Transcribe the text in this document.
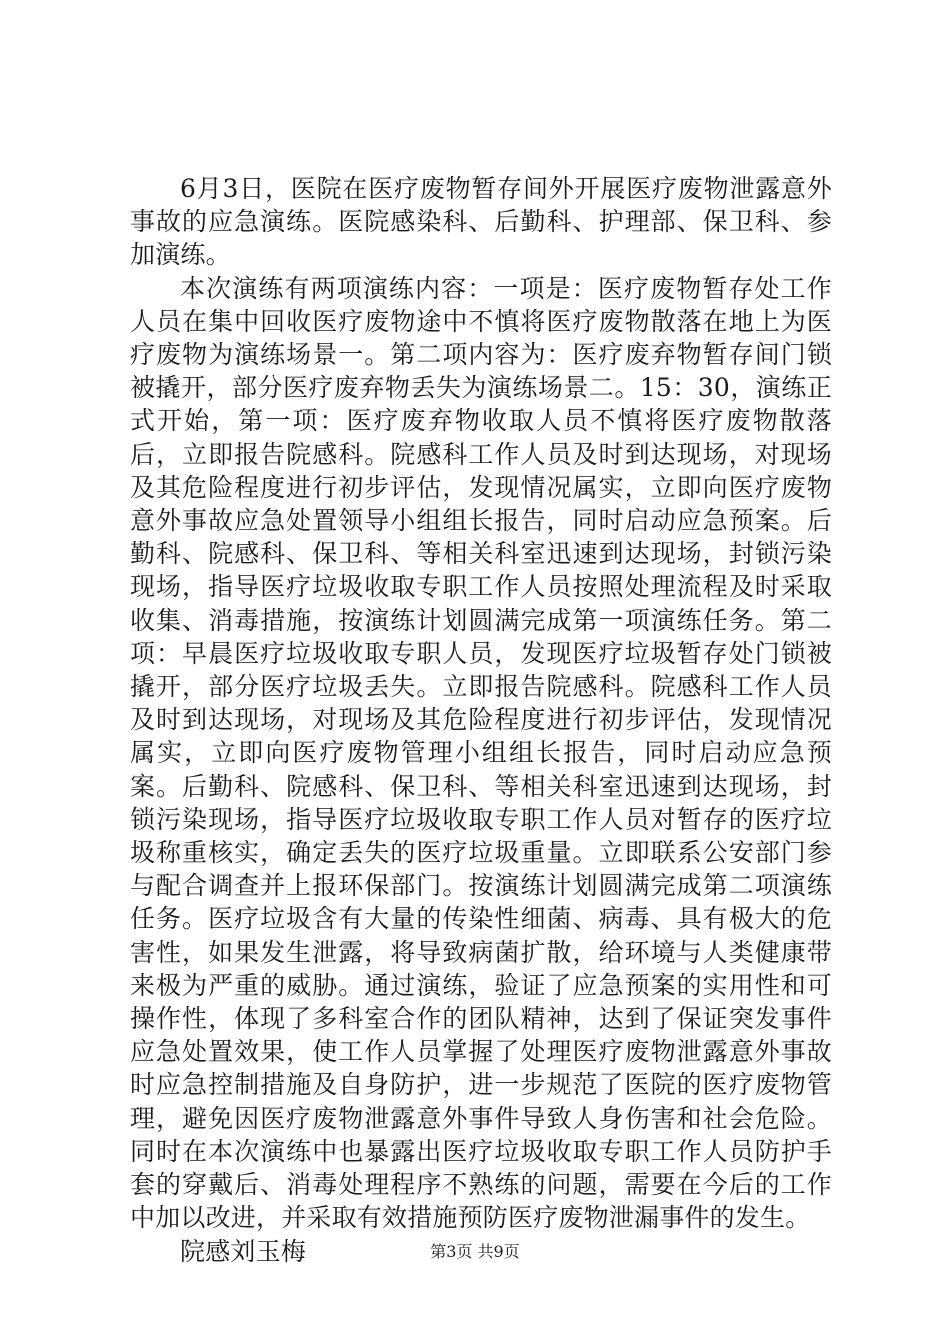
6月3日，医院在医疗废物暂存间外开展医疗废物泄露意外事故的应急演练。医院感染科、后勤科、护理部、保卫科、参加演练。

本次演练有两项演练内容：一项是：医疗废物暂存处工作人员在集中回收医疗废物途中不慎将医疗废物散落在地上为医疗废物为演练场景一。第二项内容为：医疗废弃物暂存间门锁被撬开，部分医疗废弃物丢失为演练场景二。15：30，演练正式开始，第一项：医疗废弃物收取人员不慎将医疗废物散落后，立即报告院感科。院感科工作人员及时到达现场，对现场及其危险程度进行初步评估，发现情况属实，立即向医疗废物意外事故应急处置领导小组组长报告，同时启动应急预案。后勤科、院感科、保卫科、等相关科室迅速到达现场，封锁污染现场，指导医疗垃圾收取专职工作人员按照处理流程及时采取收集、消毒措施，按演练计划圆满完成第一项演练任务。第二项：早晨医疗垃圾收取专职人员，发现医疗垃圾暂存处门锁被撬开，部分医疗垃圾丢失。立即报告院感科。院感科工作人员及时到达现场，对现场及其危险程度进行初步评估，发现情况属实，立即向医疗废物管理小组组长报告，同时启动应急预案。后勤科、院感科、保卫科、等相关科室迅速到达现场，封锁污染现场，指导医疗垃圾收取专职工作人员对暂存的医疗垃圾称重核实，确定丢失的医疗垃圾重量。立即联系公安部门参与配合调查并上报环保部门。按演练计划圆满完成第二项演练任务。医疗垃圾含有大量的传染性细菌、病毒、具有极大的危害性，如果发生泄露，将导致病菌扩散，给环境与人类健康带来极为严重的威胁。通过演练，验证了应急预案的实用性和可操作性，体现了多科室合作的团队精神，达到了保证突发事件应急处置效果，使工作人员掌握了处理医疗废物泄露意外事故时应急控制措施及自身防护，进一步规范了医院的医疗废物管理，避免因医疗废物泄露意外事件导致人身伤害和社会危险。同时在本次演练中也暴露出医疗垃圾收取专职工作人员防护手套的穿戴后、消毒处理程序不熟练的问题，需要在今后的工作中加以改进，并采取有效措施预防医疗废物泄漏事件的发生。

院感刘玉梅	第3页 共9页
